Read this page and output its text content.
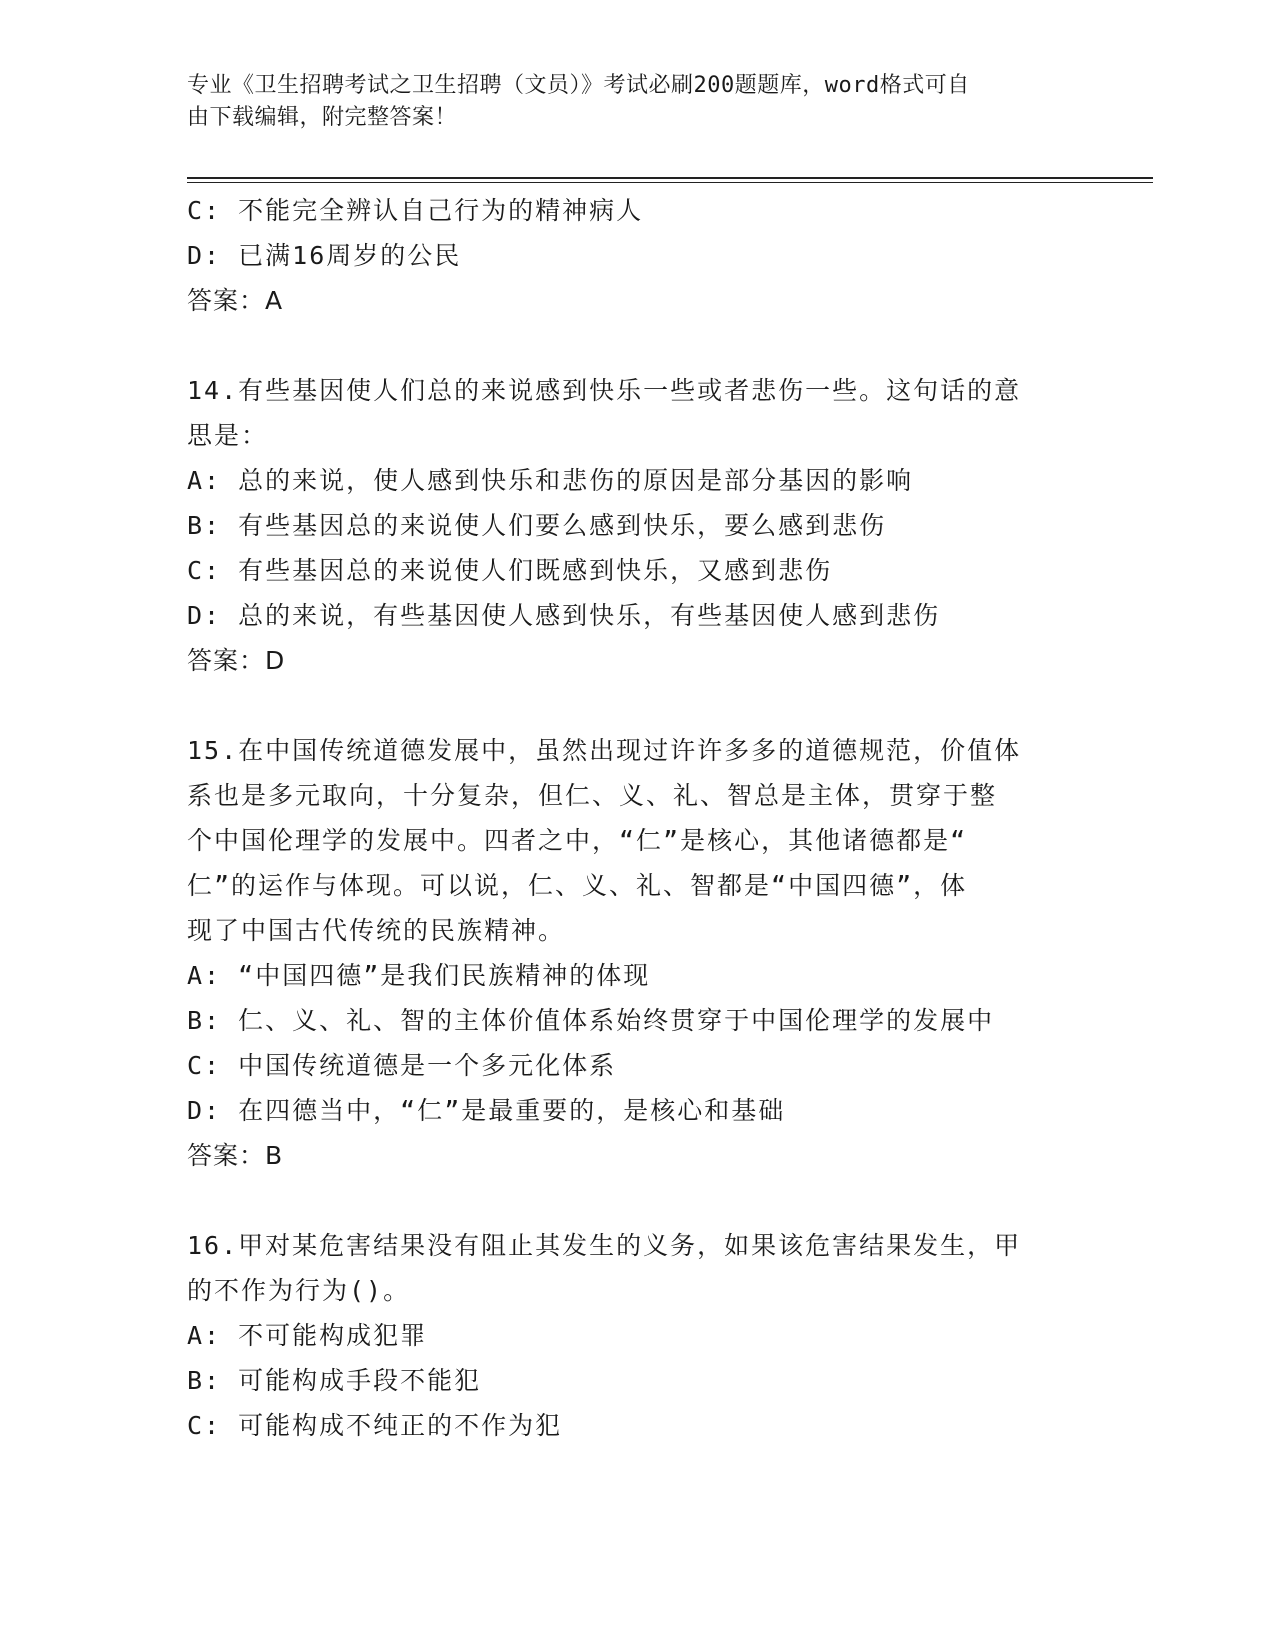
专业《卫生招聘考试之卫生招聘（文员）》考试必刷200题题库，word格式可自
由下载编辑，附完整答案！
C: 不能完全辨认自己行为的精神病人
D: 已满16周岁的公民
答案：A
14.有些基因使人们总的来说感到快乐一些或者悲伤一些。这句话的意
思是：
A: 总的来说，使人感到快乐和悲伤的原因是部分基因的影响
B: 有些基因总的来说使人们要么感到快乐，要么感到悲伤
C: 有些基因总的来说使人们既感到快乐，又感到悲伤
D: 总的来说，有些基因使人感到快乐，有些基因使人感到悲伤
答案：D
15.在中国传统道德发展中，虽然出现过许许多多的道德规范，价值体
系也是多元取向，十分复杂，但仁、义、礼、智总是主体，贯穿于整
个中国伦理学的发展中。四者之中，“仁”是核心，其他诸德都是“
仁”的运作与体现。可以说，仁、义、礼、智都是“中国四德”，体
现了中国古代传统的民族精神。
A: “中国四德”是我们民族精神的体现
B: 仁、义、礼、智的主体价值体系始终贯穿于中国伦理学的发展中
C: 中国传统道德是一个多元化体系
D: 在四德当中，“仁”是最重要的，是核心和基础
答案：B
16.甲对某危害结果没有阻止其发生的义务，如果该危害结果发生，甲
的不作为行为()。
A: 不可能构成犯罪
B: 可能构成手段不能犯
C: 可能构成不纯正的不作为犯
